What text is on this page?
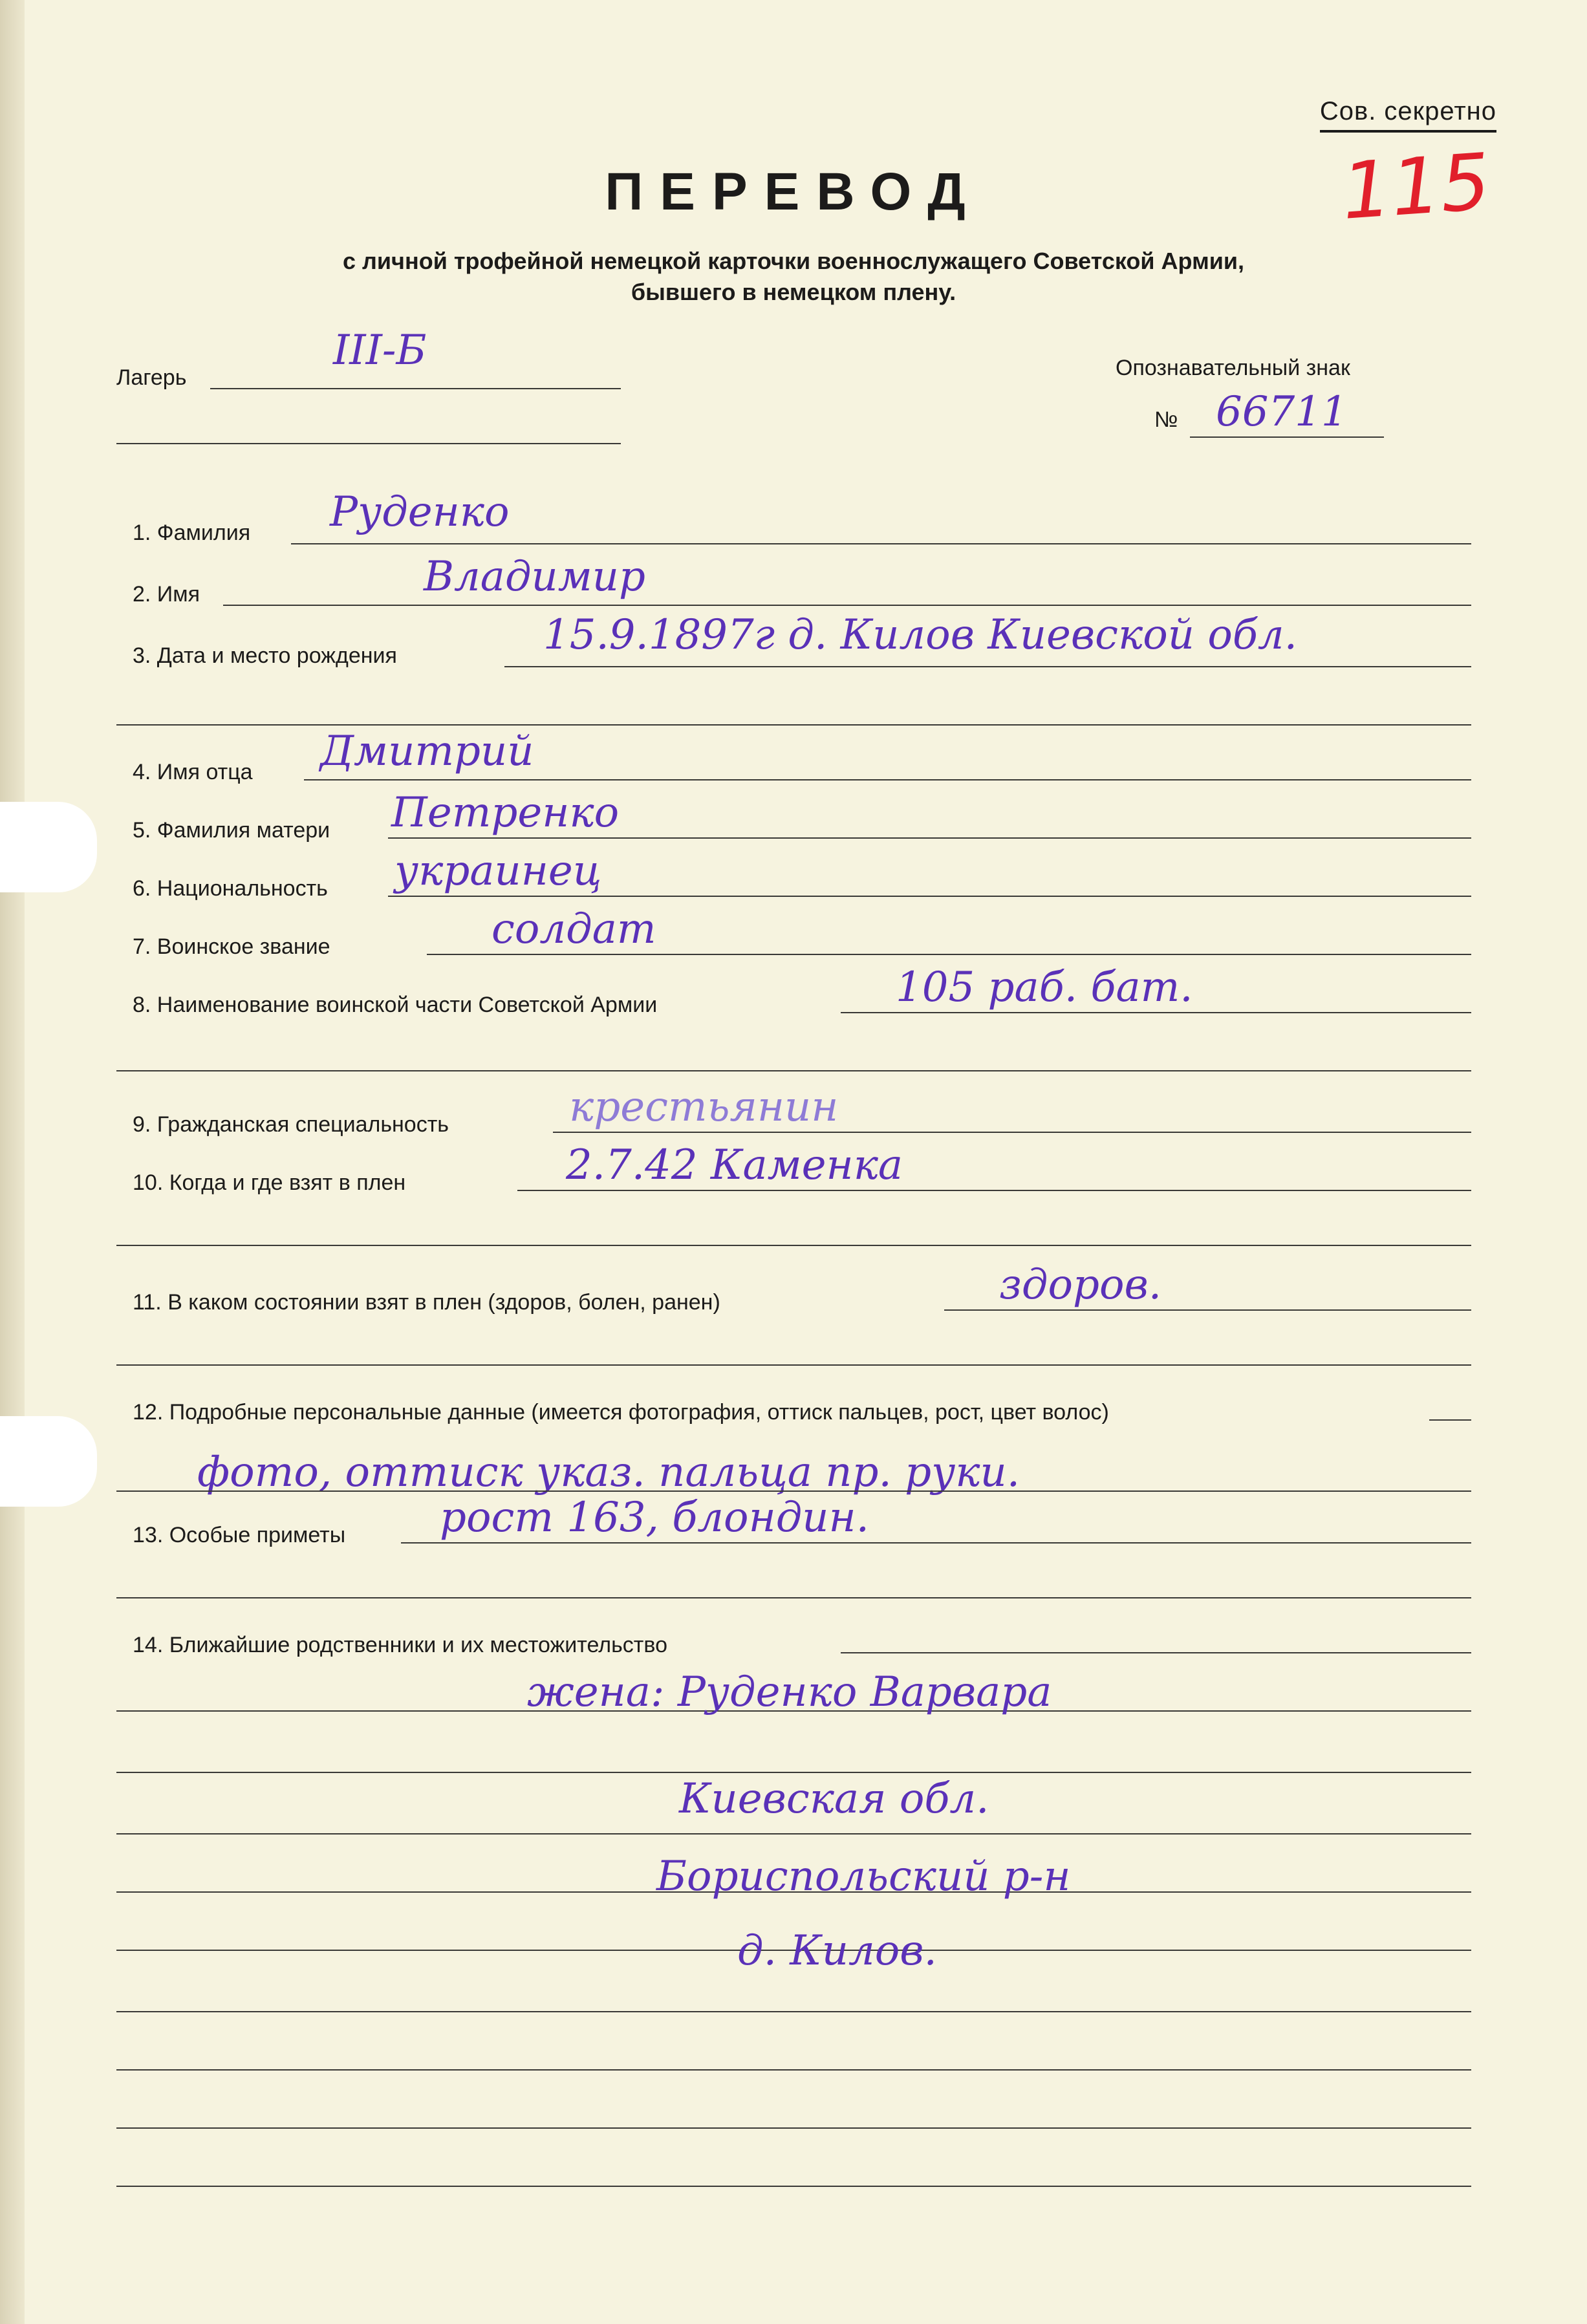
Сов. секретно
115
ПЕРЕВОД
с личной трофейной немецкой карточки военнослужащего Советской Армии,
бывшего в немецком плену.
Лагерь
III-Б	Опознавательный знак
№ 66711
1. Фамилия Руденко
2. Имя	Владимир
3. Дата и место рождения	15.9.1897г д. Килов Киевской обл.
4. Имя отца Дмитрий
5. Фамилия матери Петренко
6. Национальность украинец
7. Воинское звание	солдат
8. Наименование воинской части Советской Армии	105 раб. бат.
9. Гражданская специальность	крестьянин
10. Когда и где взят в плен	2.7.42 Каменка
11. В каком состоянии взят в плен (здоров, болен, ранен)	здоров.
12. Подробные персональные данные (имеется фотография, оттиск пальцев, рост, цвет волос)
фото, оттиск указ. пальца пр. руки.
13. Особые приметы рост 163, блондин.
14. Ближайшие родственники и их местожительство
жена: Руденко Варвара
Киевская обл.
Бориспольский р-н
д. Килов.
